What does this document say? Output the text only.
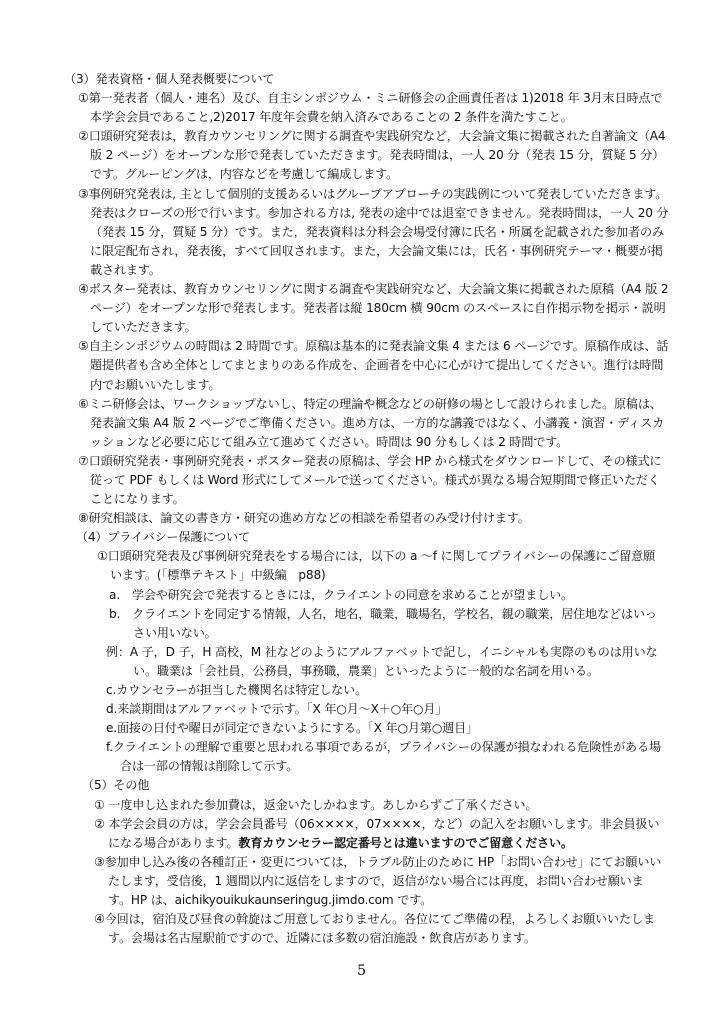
（3）発表資格・個人発表概要について

①第一発表者（個人・連名）及び、自主シンポジウム・ミニ研修会の企画責任者は 1)2018 年 3月末日時点で本学会会員であること,2)2017 年度年会費を納入済みであることの 2 条件を満たすこと。

②口頭研究発表は，教育カウンセリングに関する調査や実践研究など，大会論文集に掲載された自著論文（A4 版 2 ページ）をオープンな形で発表していただきます。発表時間は，一人 20 分（発表 15 分，質疑 5 分）です。グルーピングは，内容などを考慮して編成します。

③事例研究発表は, 主として個別的支援あるいはグループアプローチの実践例について発表していただきます。発表はクローズの形で行います。参加される方は, 発表の途中では退室できません。発表時間は，一人 20 分（発表 15 分，質疑 5 分）です。また，発表資料は分科会会場受付簿に氏名・所属を記載された参加者のみに限定配布され，発表後，すべて回収されます。また，大会論文集には，氏名・事例研究テーマ・概要が掲載されます。

④ポスター発表は、教育カウンセリングに関する調査や実践研究など、大会論文集に掲載された原稿（A4 版 2 ページ）をオープンな形で発表します。発表者は縦 180cm 横 90cm のスペースに自作掲示物を掲示・説明していただきます。

⑤自主シンポジウムの時間は 2 時間です。原稿は基本的に発表論文集 4 または 6 ページです。原稿作成は、話題提供者も含め全体としてまとまりのある作成を、企画者を中心に心がけて提出してください。進行は時間内でお願いいたします。

⑥ミニ研修会は、ワークショップないし、特定の理論や概念などの研修の場として設けられました。原稿は、発表論文集 A4 版 2 ページでご準備ください。進め方は、一方的な講義ではなく、小講義・演習・ディスカッションなど必要に応じて組み立て進めてください。時間は 90 分もしくは 2 時間です。

⑦口頭研究発表・事例研究発表・ポスター発表の原稿は、学会 HP から様式をダウンロードして、その様式に従って PDF もしくは Word 形式にしてメールで送ってください。様式が異なる場合短期間で修正いただくことになります。

⑧研究相談は、論文の書き方・研究の進め方などの相談を希望者のみ受け付けます。

（4）プライバシー保護について

①口頭研究発表及び事例研究発表をする場合には，以下の a ～f に関してプライバシーの保護にご留意願います。(「標準テキスト」中級編　p88)

a.　学会や研究会で発表するときには，クライエントの同意を求めることが望ましい。

b.　クライエントを同定する情報，人名，地名，職業，職場名，学校名，親の職業，居住地などはいっさい用いない。

例：A 子，D 子，H 高校，M 社などのようにアルファベットで記し，イニシャルも実際のものは用いない。職業は「会社員，公務員，事務職，農業」といったように一般的な名詞を用いる。

c.カウンセラーが担当した機関名は特定しない。

d.来談期間はアルファベットで示す。「X 年○月～X＋○年○月」

e.面接の日付や曜日が同定できないようにする。「X 年○月第○週目」

f.クライエントの理解で重要と思われる事項であるが，プライバシーの保護が損なわれる危険性がある場合は一部の情報は削除して示す。

（5）その他

① 一度申し込まれた参加費は，返金いたしかねます。あしからずご了承ください。

② 本学会会員の方は，学会会員番号（06××××，07××××，など）の記入をお願いします。非会員扱いになる場合があります。教育カウンセラー認定番号とは違いますのでご留意ください。

③参加申し込み後の各種訂正・変更については，トラブル防止のために HP「お問い合わせ」にてお願いいたします，受信後，1 週間以内に返信をしますので，返信がない場合には再度，お問い合わせ願います。HP は、aichikyouikukaunseringug.jimdo.com です。

④今回は，宿泊及び昼食の斡旋はご用意しておりません。各位にてご準備の程，よろしくお願いいたします。会場は名古屋駅前ですので、近隣には多数の宿泊施設・飲食店があります。

5
